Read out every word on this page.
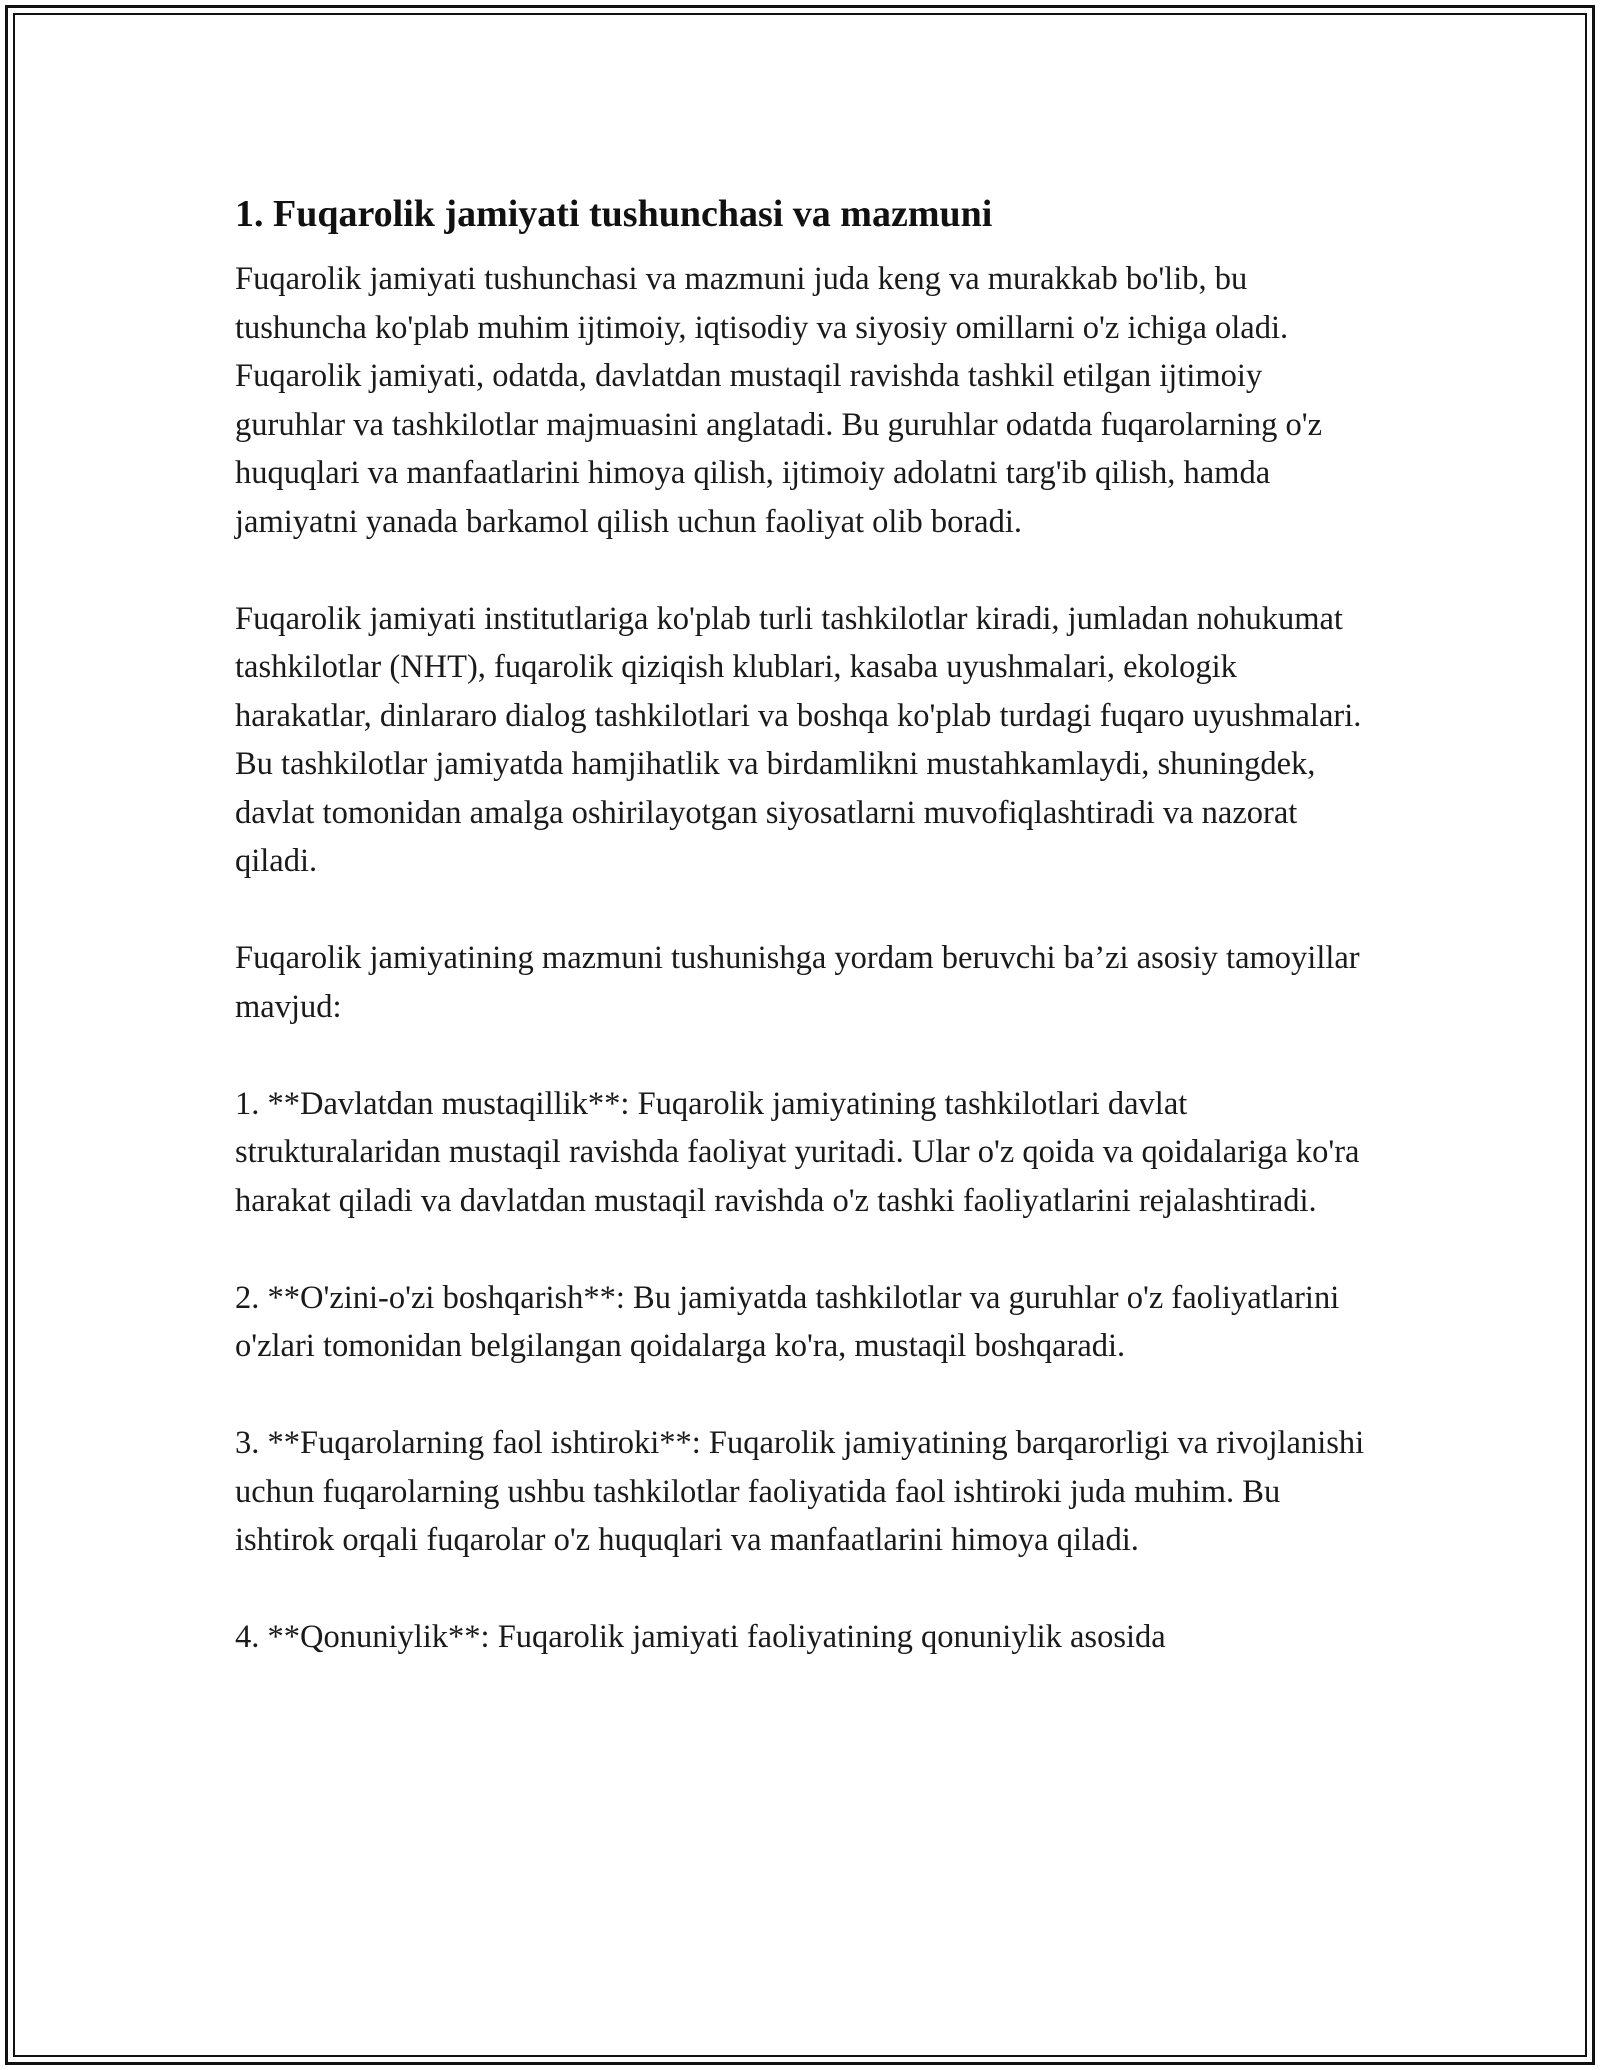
1. Fuqarolik jamiyati tushunchasi va mazmuni

Fuqarolik jamiyati tushunchasi va mazmuni juda keng va murakkab bo'lib, bu tushuncha ko'plab muhim ijtimoiy, iqtisodiy va siyosiy omillarni o'z ichiga oladi. Fuqarolik jamiyati, odatda, davlatdan mustaqil ravishda tashkil etilgan ijtimoiy guruhlar va tashkilotlar majmuasini anglatadi. Bu guruhlar odatda fuqarolarning o'z huquqlari va manfaatlarini himoya qilish, ijtimoiy adolatni targ'ib qilish, hamda jamiyatni yanada barkamol qilish uchun faoliyat olib boradi.

Fuqarolik jamiyati institutlariga ko'plab turli tashkilotlar kiradi, jumladan nohukumat tashkilotlar (NHT), fuqarolik qiziqish klublari, kasaba uyushmalari, ekologik harakatlar, dinlararo dialog tashkilotlari va boshqa ko'plab turdagi fuqaro uyushmalari. Bu tashkilotlar jamiyatda hamjihatlik va birdamlikni mustahkamlaydi, shuningdek, davlat tomonidan amalga oshirilayotgan siyosatlarni muvofiqlashtiradi va nazorat qiladi.

Fuqarolik jamiyatining mazmuni tushunishga yordam beruvchi ba’zi asosiy tamoyillar mavjud:

1. **Davlatdan mustaqillik**: Fuqarolik jamiyatining tashkilotlari davlat strukturalaridan mustaqil ravishda faoliyat yuritadi. Ular o'z qoida va qoidalariga ko'ra harakat qiladi va davlatdan mustaqil ravishda o'z tashki faoliyatlarini rejalashtiradi.

2. **O'zini-o'zi boshqarish**: Bu jamiyatda tashkilotlar va guruhlar o'z faoliyatlarini o'zlari tomonidan belgilangan qoidalarga ko'ra, mustaqil boshqaradi.

3. **Fuqarolarning faol ishtiroki**: Fuqarolik jamiyatining barqarorligi va rivojlanishi uchun fuqarolarning ushbu tashkilotlar faoliyatida faol ishtiroki juda muhim. Bu ishtirok orqali fuqarolar o'z huquqlari va manfaatlarini himoya qiladi.

4. **Qonuniylik**: Fuqarolik jamiyati faoliyatining qonuniylik asosida
